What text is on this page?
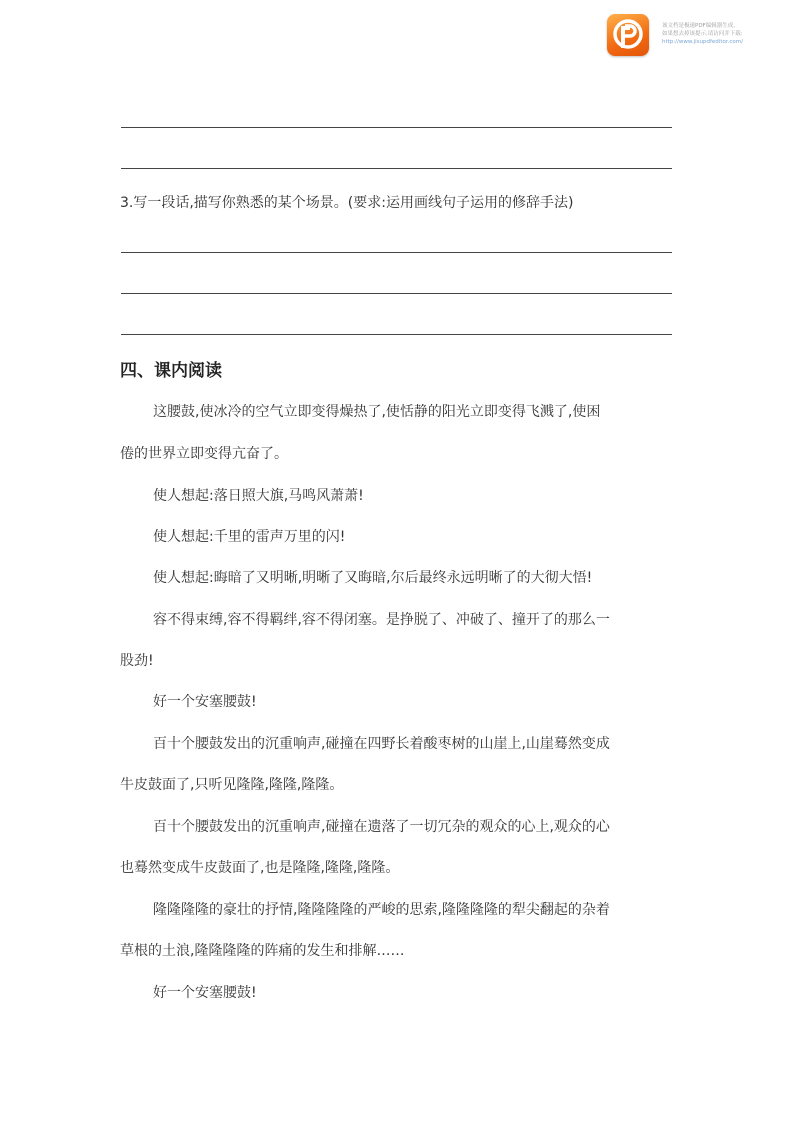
该文档是极速PDF编辑器生成,
如果想去掉该提示,请访问并下载:
http://www.jisupdfeditor.com/
3.写一段话,描写你熟悉的某个场景。(要求:运用画线句子运用的修辞手法)
四、课内阅读
这腰鼓,使冰冷的空气立即变得燥热了,使恬静的阳光立即变得飞溅了,使困
倦的世界立即变得亢奋了。
使人想起:落日照大旗,马鸣风萧萧!
使人想起:千里的雷声万里的闪!
使人想起:晦暗了又明晰,明晰了又晦暗,尔后最终永远明晰了的大彻大悟!
容不得束缚,容不得羁绊,容不得闭塞。是挣脱了、冲破了、撞开了的那么一
股劲!
好一个安塞腰鼓!
百十个腰鼓发出的沉重响声,碰撞在四野长着酸枣树的山崖上,山崖蓦然变成
牛皮鼓面了,只听见隆隆,隆隆,隆隆。
百十个腰鼓发出的沉重响声,碰撞在遗落了一切冗杂的观众的心上,观众的心
也蓦然变成牛皮鼓面了,也是隆隆,隆隆,隆隆。
隆隆隆隆的豪壮的抒情,隆隆隆隆的严峻的思索,隆隆隆隆的犁尖翻起的杂着
草根的土浪,隆隆隆隆的阵痛的发生和排解……
好一个安塞腰鼓!
